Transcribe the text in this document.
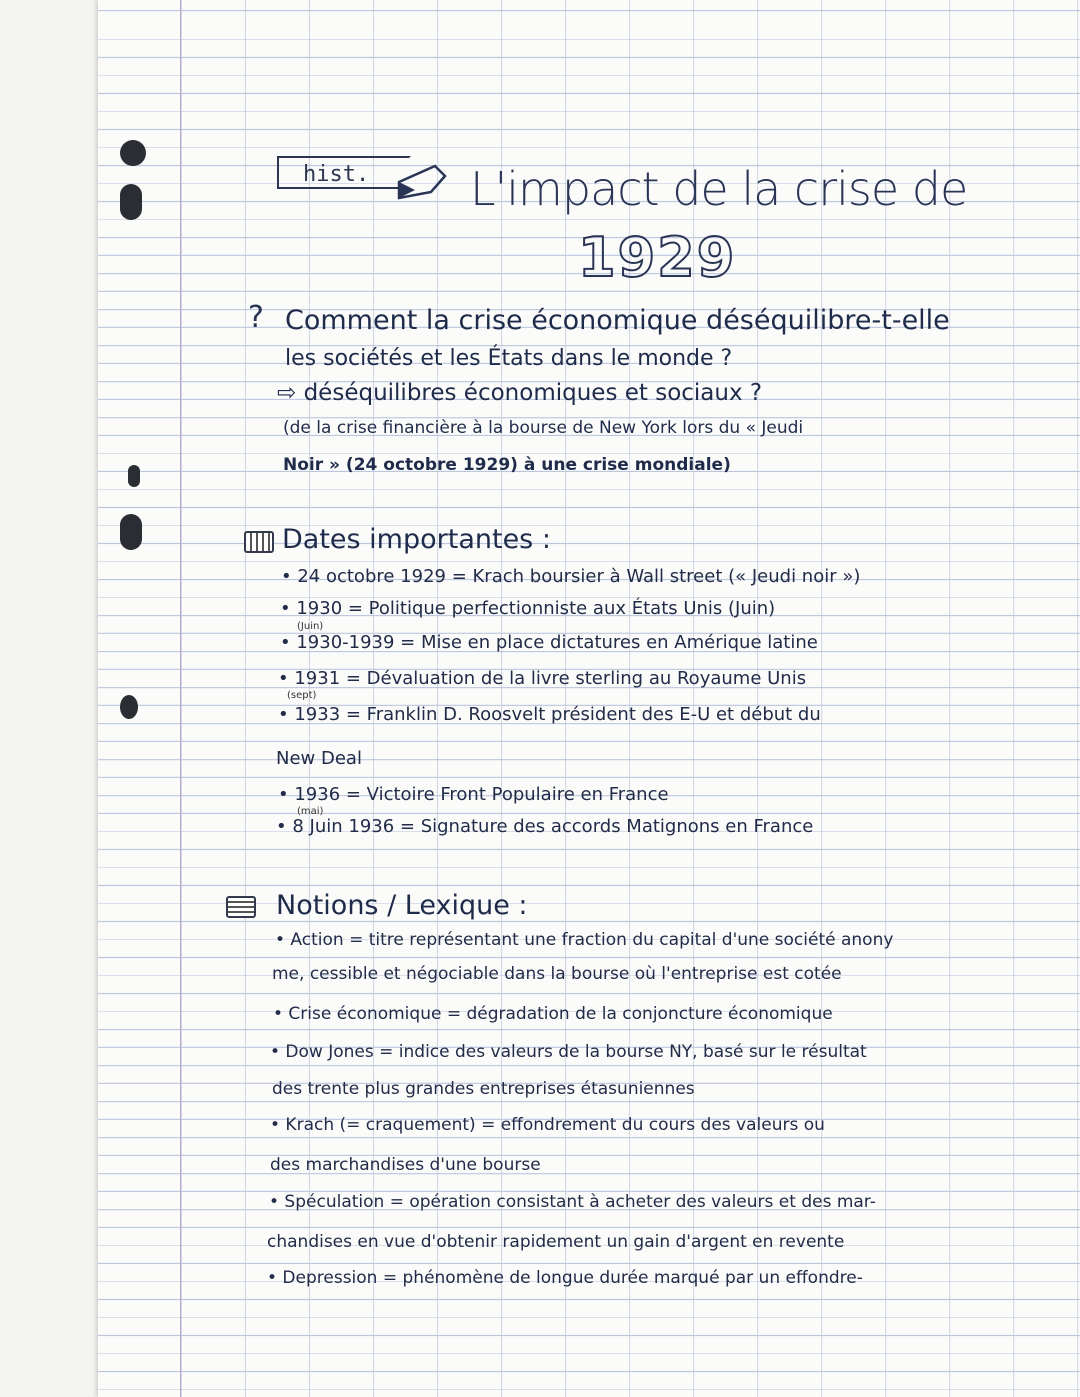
hist.	L'impact de la crise de
1929
? Comment la crise économique déséquilibre-t-elle
les sociétés et les États dans le monde ?
⇨ déséquilibres économiques et sociaux ?
(de la crise financière à la bourse de New York lors du « Jeudi
Noir » (24 octobre 1929) à une crise mondiale)
Dates importantes :
• 24 octobre 1929 = Krach boursier à Wall street (« Jeudi noir »)
• 1930 = Politique perfectionniste aux États Unis (Juin)
(Juin)
• 1930-1939 = Mise en place dictatures en Amérique latine
• 1931 = Dévaluation de la livre sterling au Royaume Unis
(sept)
• 1933 = Franklin D. Roosvelt président des E-U et début du
New Deal
• 1936 = Victoire Front Populaire en France
(mai)
• 8 Juin 1936 = Signature des accords Matignons en France
Notions / Lexique :
• Action = titre représentant une fraction du capital d'une société anony
me, cessible et négociable dans la bourse où l'entreprise est cotée
• Crise économique = dégradation de la conjoncture économique
• Dow Jones = indice des valeurs de la bourse NY, basé sur le résultat
des trente plus grandes entreprises étasuniennes
• Krach (= craquement) = effondrement du cours des valeurs ou
des marchandises d'une bourse
• Spéculation = opération consistant à acheter des valeurs et des mar-
chandises en vue d'obtenir rapidement un gain d'argent en revente
• Depression = phénomène de longue durée marqué par un effondre-
